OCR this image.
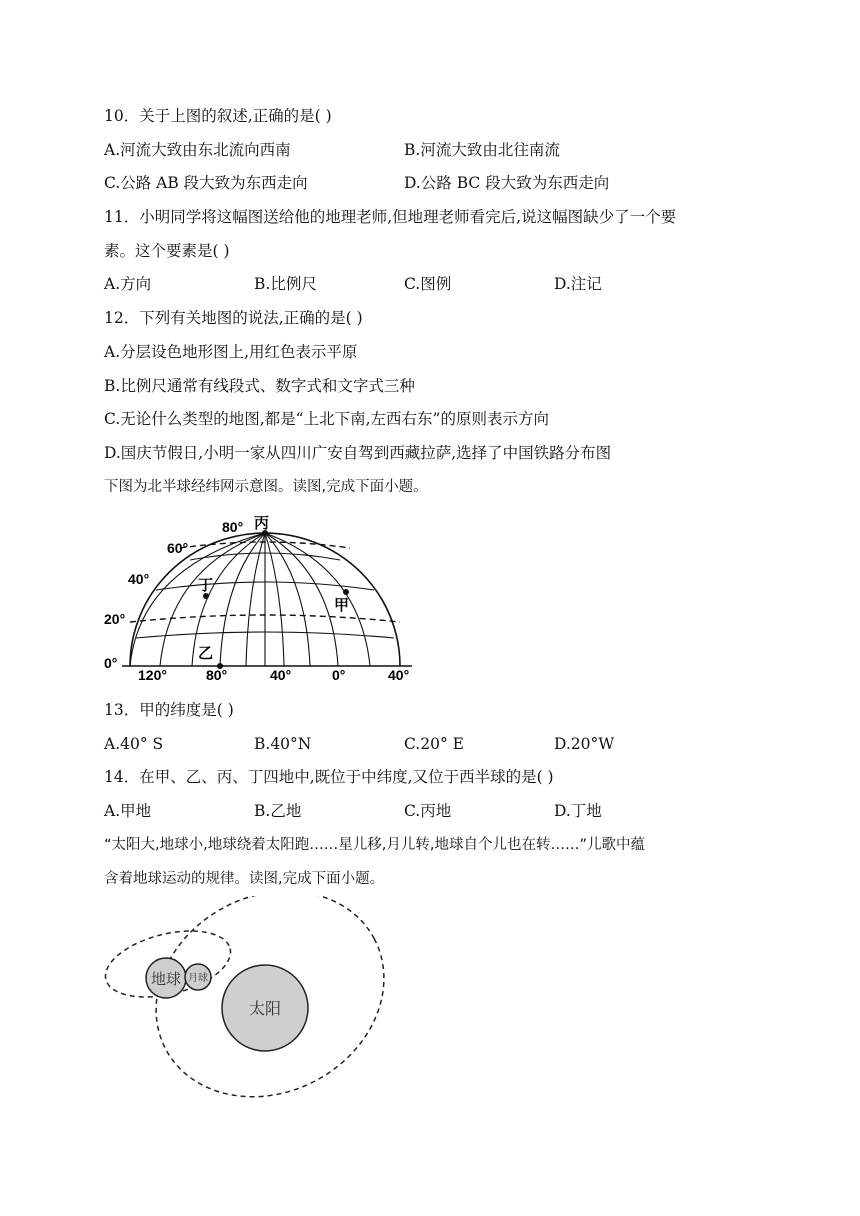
10．关于上图的叙述,正确的是( )
A.河流大致由东北流向西南	B.河流大致由北往南流
C.公路 AB 段大致为东西走向	D.公路 BC 段大致为东西走向
11．小明同学将这幅图送给他的地理老师,但地理老师看完后,说这幅图缺少了一个要
素。这个要素是( )
A.方向	B.比例尺	C.图例	D.注记
12．下列有关地图的说法,正确的是( )
A.分层设色地形图上,用红色表示平原
B.比例尺通常有线段式、数字式和文字式三种
C.无论什么类型的地图,都是“上北下南,左西右东”的原则表示方向
D.国庆节假日,小明一家从四川广安自驾到西藏拉萨,选择了中国铁路分布图
下图为北半球经纬网示意图。读图,完成下面小题。
80°
60°
40°
20°
0°
120°	80°	40°	0°	40°
丙
丁
甲
乙
13．甲的纬度是( )
A.40° S	B.40°N	C.20° E	D.20°W
14．在甲、乙、丙、丁四地中,既位于中纬度,又位于西半球的是( )
A.甲地	B.乙地	C.丙地	D.丁地
“太阳大,地球小,地球绕着太阳跑……星儿移,月儿转,地球自个儿也在转……”儿歌中蕴
含着地球运动的规律。读图,完成下面小题。
太阳
地球 月球
